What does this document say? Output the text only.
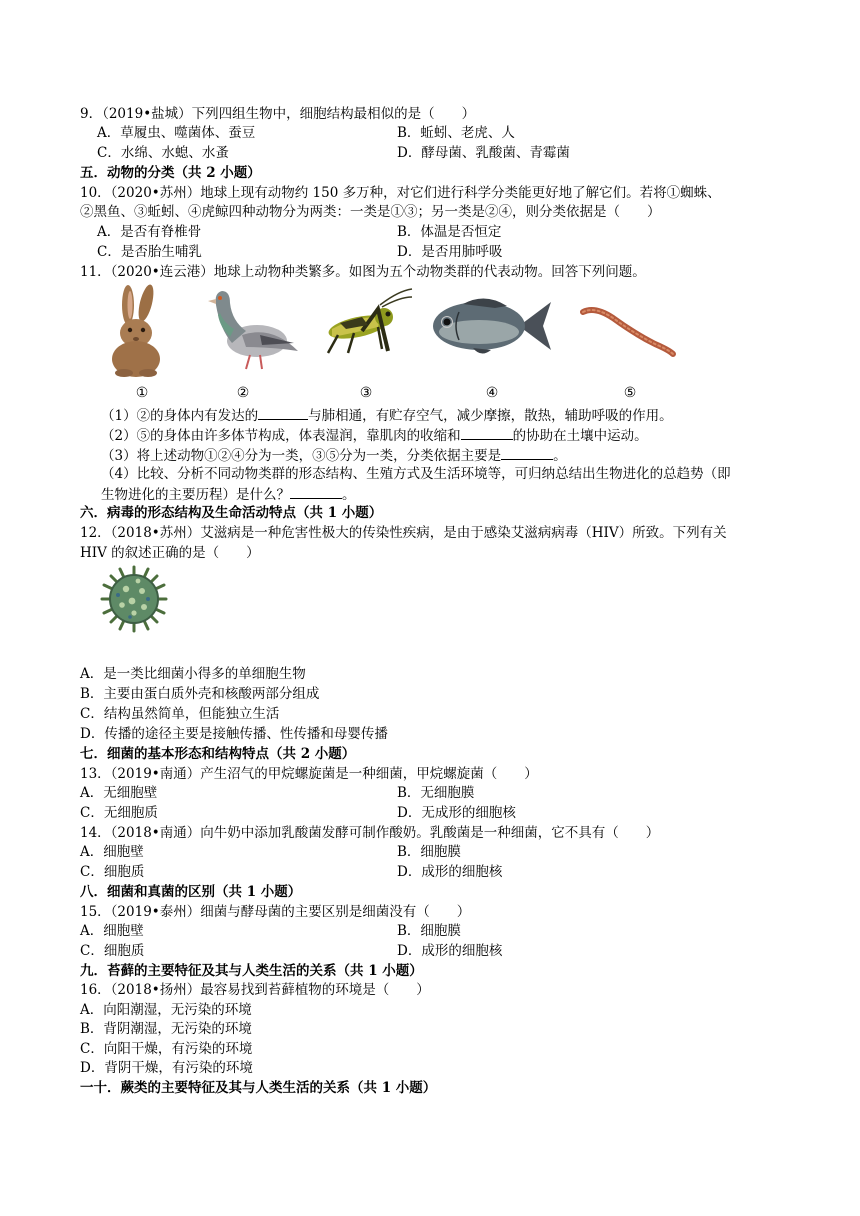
9．（2019•盐城）下列四组生物中，细胞结构最相似的是（　　）
A．草履虫、噬菌体、蚕豆	B．蚯蚓、老虎、人
C．水绵、水螅、水蚤	D．酵母菌、乳酸菌、青霉菌
五．动物的分类（共 2 小题）
10．（2020•苏州）地球上现有动物约 150 多万种，对它们进行科学分类能更好地了解它们。若将①蜘蛛、
②黑鱼、③蚯蚓、④虎鲸四种动物分为两类：一类是①③；另一类是②④，则分类依据是（　　）
A．是否有脊椎骨	B．体温是否恒定
C．是否胎生哺乳	D．是否用肺呼吸
11．（2020•连云港）地球上动物种类繁多。如图为五个动物类群的代表动物。回答下列问题。
①	②	③	④	⑤
（1）②的身体内有发达的	与肺相通，有贮存空气，减少摩擦，散热，辅助呼吸的作用。
（2）⑤的身体由许多体节构成，体表湿润，靠肌肉的收缩和	的协助在土壤中运动。
（3）将上述动物①②④分为一类，③⑤分为一类，分类依据主要是	。
（4）比较、分析不同动物类群的形态结构、生殖方式及生活环境等，可归纳总结出生物进化的总趋势（即
生物进化的主要历程）是什么？	。
六．病毒的形态结构及生命活动特点（共 1 小题）
12．（2018•苏州）艾滋病是一种危害性极大的传染性疾病，是由于感染艾滋病病毒（HIV）所致。下列有关
HIV 的叙述正确的是（　　）
A．是一类比细菌小得多的单细胞生物
B．主要由蛋白质外壳和核酸两部分组成
C．结构虽然简单，但能独立生活
D．传播的途径主要是接触传播、性传播和母婴传播
七．细菌的基本形态和结构特点（共 2 小题）
13．（2019•南通）产生沼气的甲烷螺旋菌是一种细菌，甲烷螺旋菌（　　）
A．无细胞壁	B．无细胞膜
C．无细胞质	D．无成形的细胞核
14．（2018•南通）向牛奶中添加乳酸菌发酵可制作酸奶。乳酸菌是一种细菌，它不具有（　　）
A．细胞壁	B．细胞膜
C．细胞质	D．成形的细胞核
八．细菌和真菌的区别（共 1 小题）
15．（2019•泰州）细菌与酵母菌的主要区别是细菌没有（　　）
A．细胞壁	B．细胞膜
C．细胞质	D．成形的细胞核
九．苔藓的主要特征及其与人类生活的关系（共 1 小题）
16．（2018•扬州）最容易找到苔藓植物的环境是（　　）
A．向阳潮湿，无污染的环境
B．背阴潮湿，无污染的环境
C．向阳干燥，有污染的环境
D．背阴干燥，有污染的环境
一十．蕨类的主要特征及其与人类生活的关系（共 1 小题）
